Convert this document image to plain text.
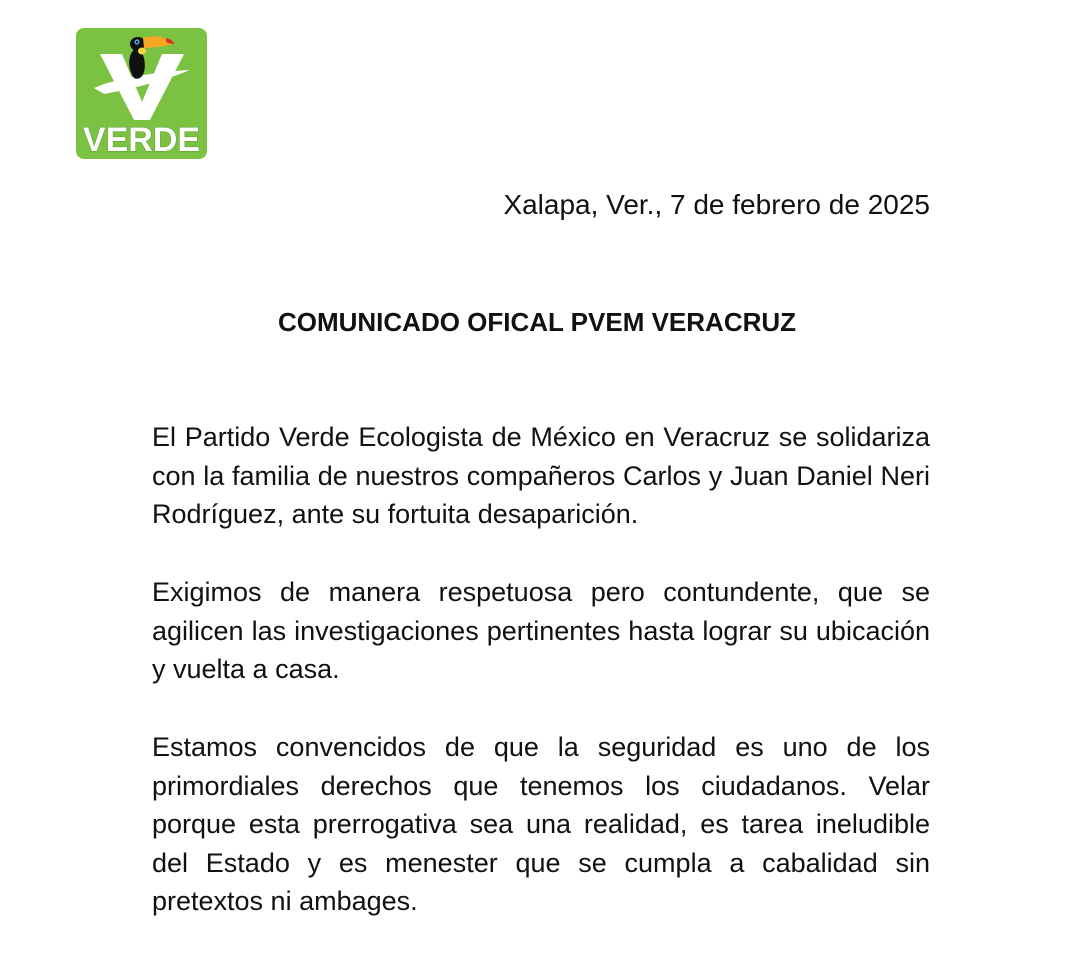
VERDE
Xalapa, Ver., 7 de febrero de 2025
COMUNICADO OFICAL PVEM VERACRUZ

El Partido Verde Ecologista de México en Veracruz se solidariza con la familia de nuestros compañeros Carlos y Juan Daniel Neri Rodríguez, ante su fortuita desaparición.

Exigimos de manera respetuosa pero contundente, que se agilicen las investigaciones pertinentes hasta lograr su ubicación y vuelta a casa.

Estamos convencidos de que la seguridad es uno de los primordiales derechos que tenemos los ciudadanos. Velar porque esta prerrogativa sea una realidad, es tarea ineludible del Estado y es menester que se cumpla a cabalidad sin pretextos ni ambages.
